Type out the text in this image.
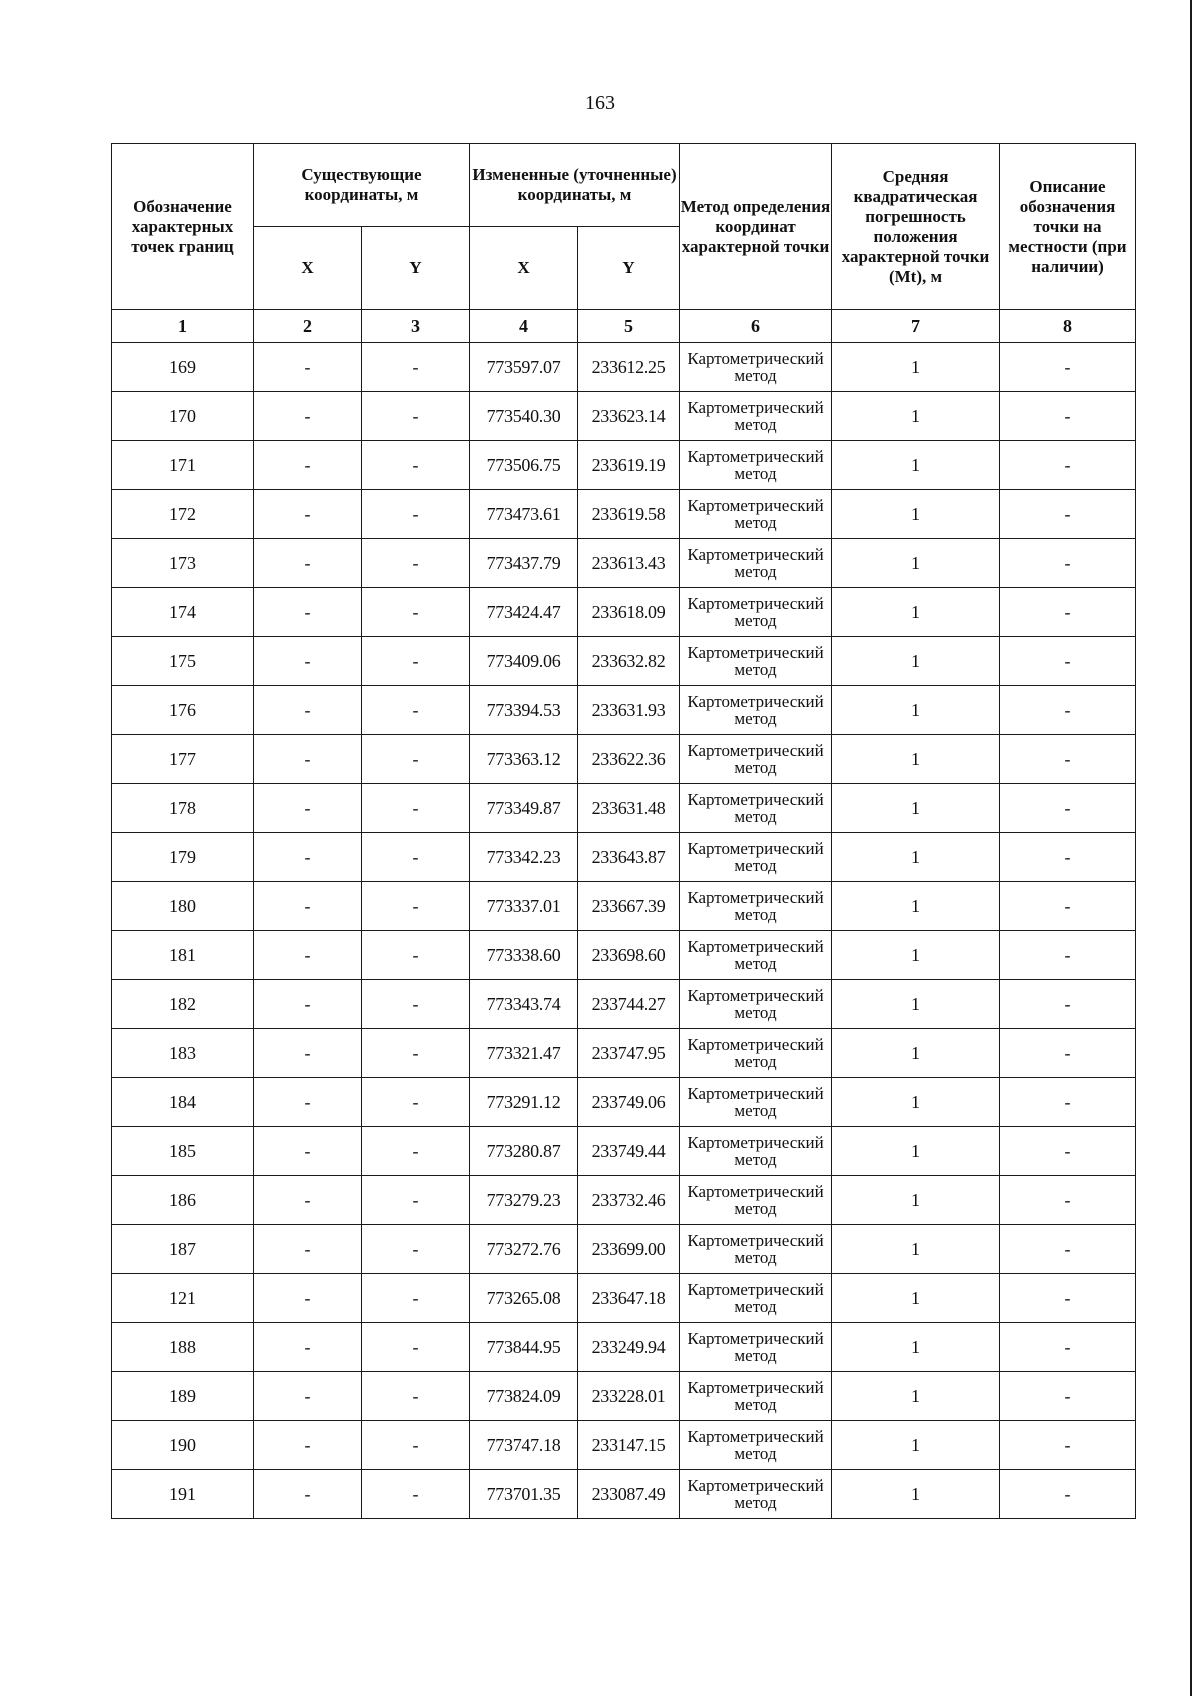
163
Обозначение характерных точек границ	Существующие координаты, м		Измененные (уточненные) координаты, м		Метод определения координат характерной точки	Средняя квадратическая погрешность положения характерной точки (Mt), м	Описание обозначения точки на местности (при наличии)
	X	Y	X	Y			
1	2	3	4	5	6	7	8
169	-	-	773597.07	233612.25	Картометрический метод	1	-
170	-	-	773540.30	233623.14	Картометрический метод	1	-
171	-	-	773506.75	233619.19	Картометрический метод	1	-
172	-	-	773473.61	233619.58	Картометрический метод	1	-
173	-	-	773437.79	233613.43	Картометрический метод	1	-
174	-	-	773424.47	233618.09	Картометрический метод	1	-
175	-	-	773409.06	233632.82	Картометрический метод	1	-
176	-	-	773394.53	233631.93	Картометрический метод	1	-
177	-	-	773363.12	233622.36	Картометрический метод	1	-
178	-	-	773349.87	233631.48	Картометрический метод	1	-
179	-	-	773342.23	233643.87	Картометрический метод	1	-
180	-	-	773337.01	233667.39	Картометрический метод	1	-
181	-	-	773338.60	233698.60	Картометрический метод	1	-
182	-	-	773343.74	233744.27	Картометрический метод	1	-
183	-	-	773321.47	233747.95	Картометрический метод	1	-
184	-	-	773291.12	233749.06	Картометрический метод	1	-
185	-	-	773280.87	233749.44	Картометрический метод	1	-
186	-	-	773279.23	233732.46	Картометрический метод	1	-
187	-	-	773272.76	233699.00	Картометрический метод	1	-
121	-	-	773265.08	233647.18	Картометрический метод	1	-
188	-	-	773844.95	233249.94	Картометрический метод	1	-
189	-	-	773824.09	233228.01	Картометрический метод	1	-
190	-	-	773747.18	233147.15	Картометрический метод	1	-
191	-	-	773701.35	233087.49	Картометрический метод	1	-
